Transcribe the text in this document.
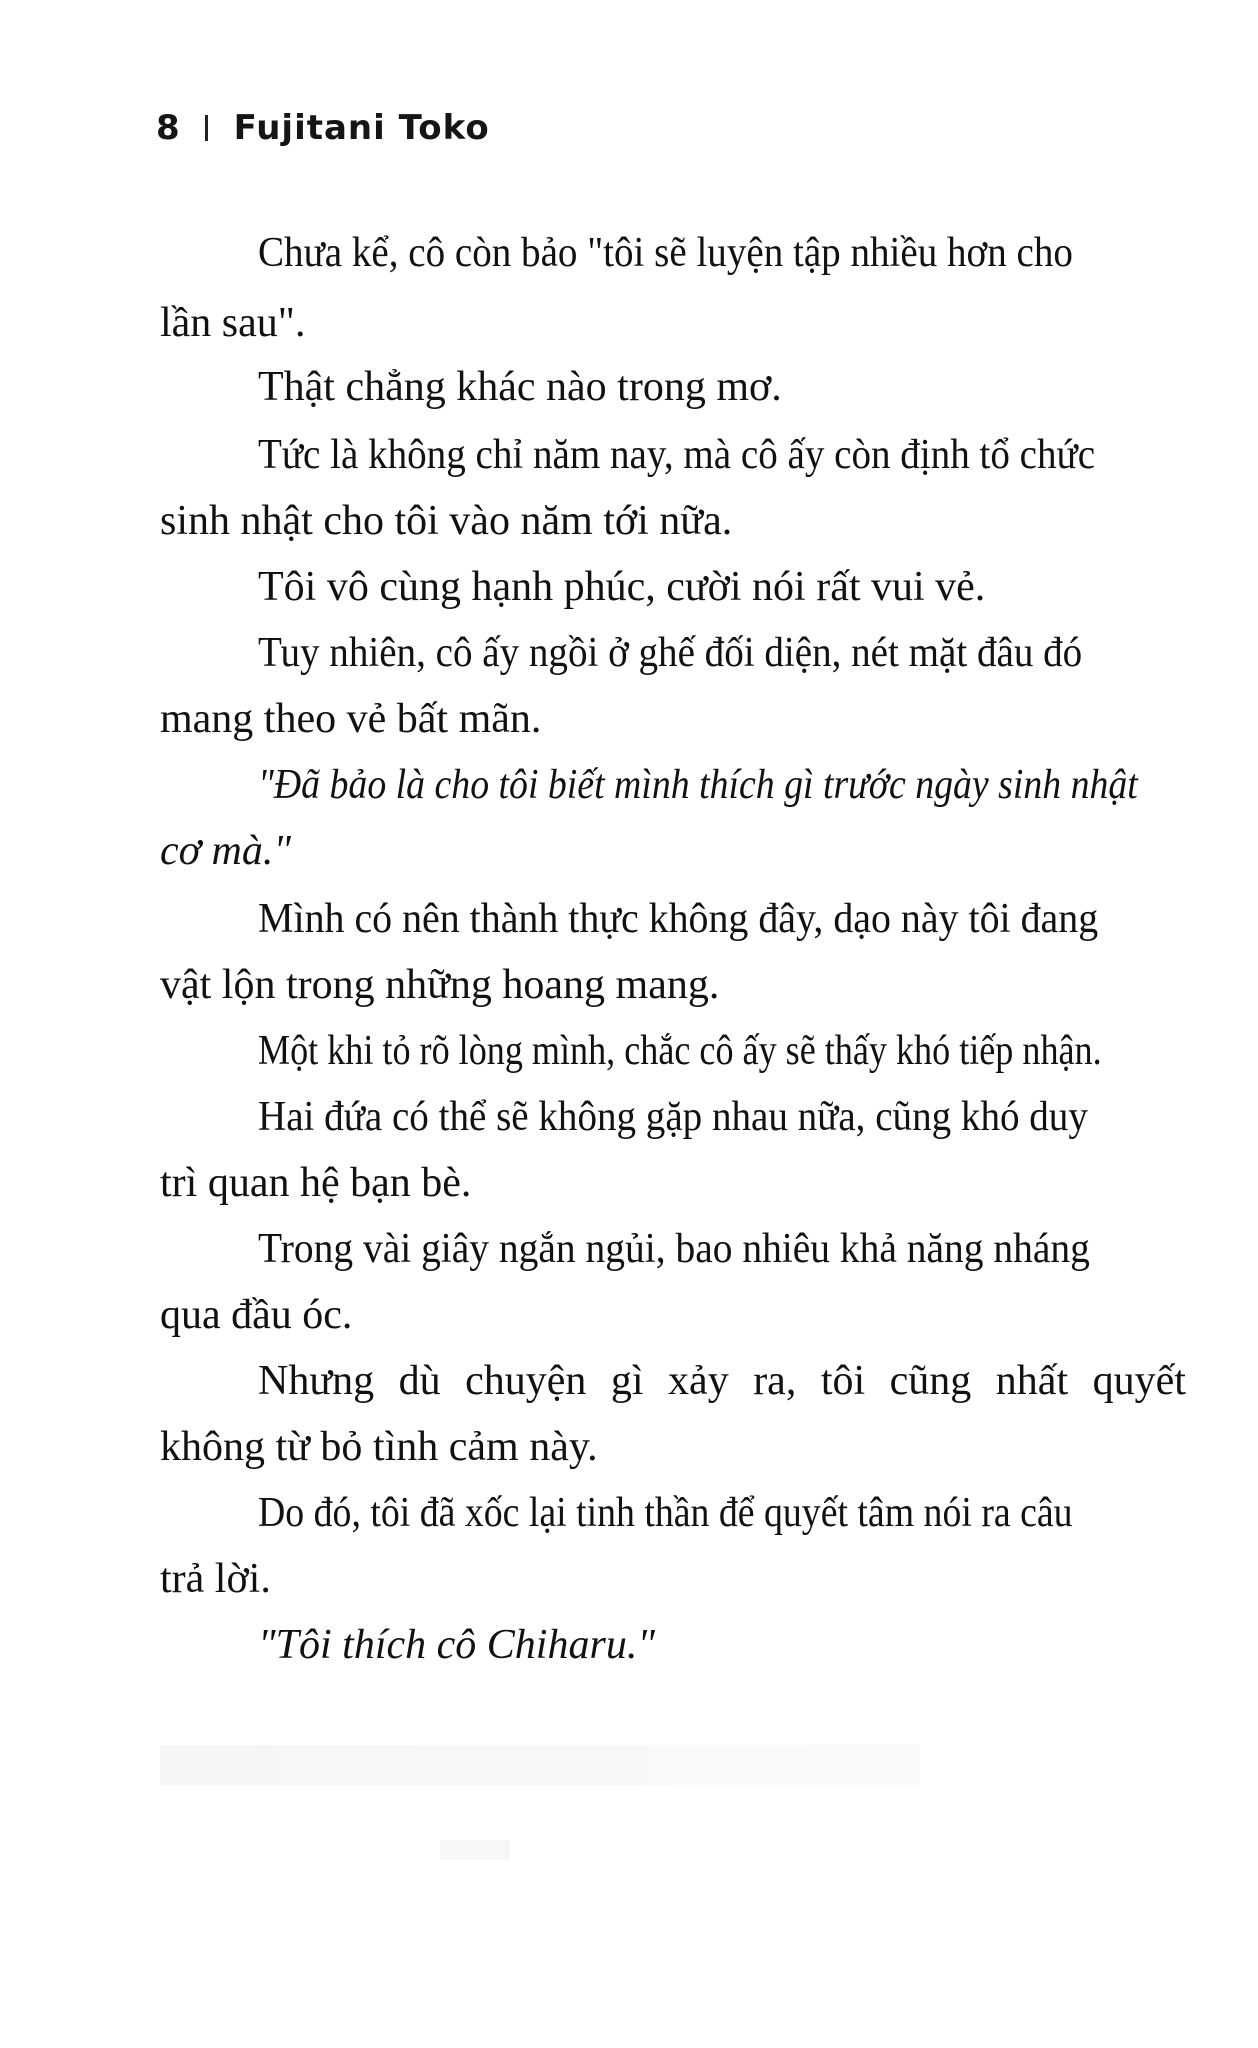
8 Fujitani Toko
Chưa kể, cô còn bảo "tôi sẽ luyện tập nhiều hơn cho
lần sau".
Thật chẳng khác nào trong mơ.
Tức là không chỉ năm nay, mà cô ấy còn định tổ chức
sinh nhật cho tôi vào năm tới nữa.
Tôi vô cùng hạnh phúc, cười nói rất vui vẻ.
Tuy nhiên, cô ấy ngồi ở ghế đối diện, nét mặt đâu đó
mang theo vẻ bất mãn.
"Đã bảo là cho tôi biết mình thích gì trước ngày sinh nhật
cơ mà."
Mình có nên thành thực không đây, dạo này tôi đang
vật lộn trong những hoang mang.
Một khi tỏ rõ lòng mình, chắc cô ấy sẽ thấy khó tiếp nhận.
Hai đứa có thể sẽ không gặp nhau nữa, cũng khó duy
trì quan hệ bạn bè.
Trong vài giây ngắn ngủi, bao nhiêu khả năng nháng
qua đầu óc.
Nhưng dù chuyện gì xảy ra, tôi cũng nhất quyết
không từ bỏ tình cảm này.
Do đó, tôi đã xốc lại tinh thần để quyết tâm nói ra câu
trả lời.
"Tôi thích cô Chiharu."
